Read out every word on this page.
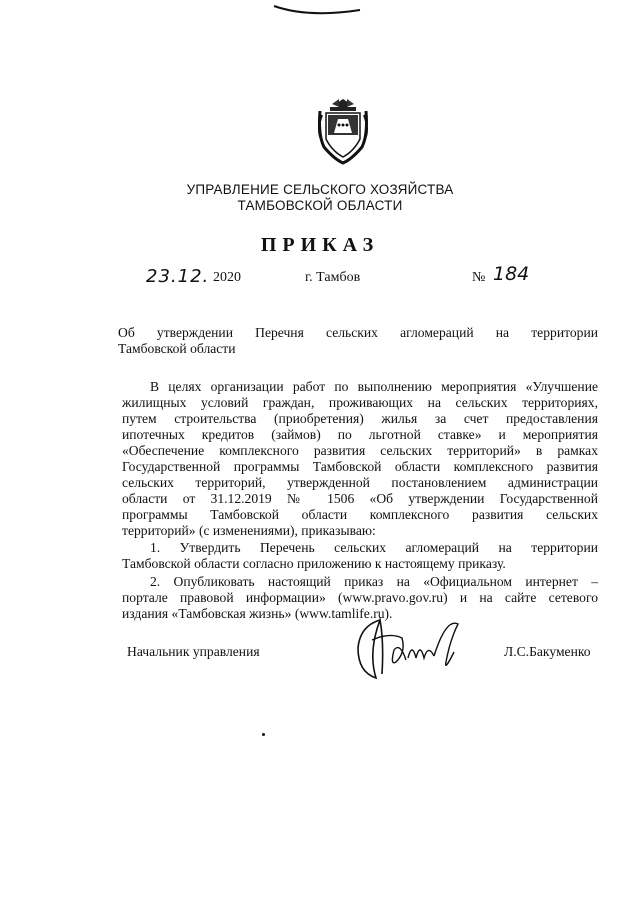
УПРАВЛЕНИЕ СЕЛЬСКОГО ХОЗЯЙСТВА
ТАМБОВСКОЙ ОБЛАСТИ
ПРИКАЗ
23.12. 2020	г. Тамбов	№ 184
Об утверждении Перечня сельских агломераций на территории
Тамбовской области
В целях организации работ по выполнению мероприятия «Улучшение
жилищных условий граждан, проживающих на сельских территориях,
путем строительства (приобретения) жилья за счет предоставления
ипотечных кредитов (займов) по льготной ставке» и мероприятия
«Обеспечение комплексного развития сельских территорий» в рамках
Государственной программы Тамбовской области комплексного развития
сельских территорий, утвержденной постановлением администрации
области от 31.12.2019 № 1506 «Об утверждении Государственной
программы Тамбовской области комплексного развития сельских
территорий» (с изменениями), приказываю:
1. Утвердить Перечень сельских агломераций на территории
Тамбовской области согласно приложению к настоящему приказу.
2. Опубликовать настоящий приказ на «Официальном интернет –
портале правовой информации» (www.pravo.gov.ru) и на сайте сетевого
издания «Тамбовская жизнь» (www.tamlife.ru).
Начальник управления	Л.С.Бакуменко
